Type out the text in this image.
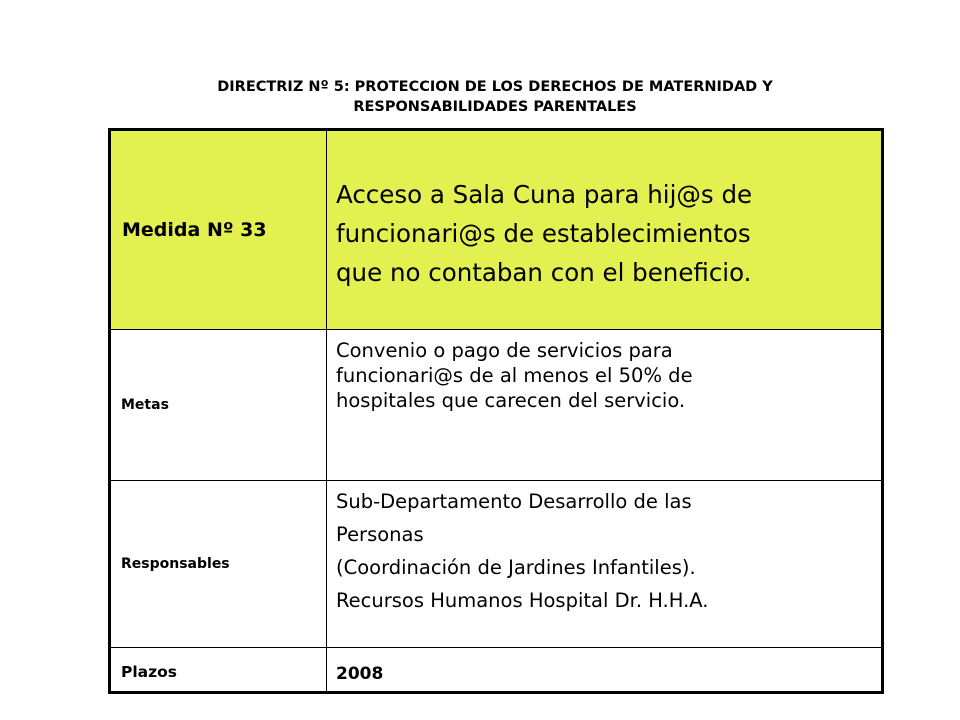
DIRECTRIZ Nº 5: PROTECCION DE LOS DERECHOS DE MATERNIDAD Y
RESPONSABILIDADES PARENTALES
Medida Nº 33	Acceso a Sala Cuna para hij@s de
funcionari@s de establecimientos
que no contaban con el beneficio.

Metas	Convenio o pago de servicios para
funcionari@s de al menos el 50% de
hospitales que carecen del servicio.

Responsables	Sub-Departamento Desarrollo de las
Personas
(Coordinación de Jardines Infantiles).
Recursos Humanos Hospital Dr. H.H.A.

Plazos	2008
